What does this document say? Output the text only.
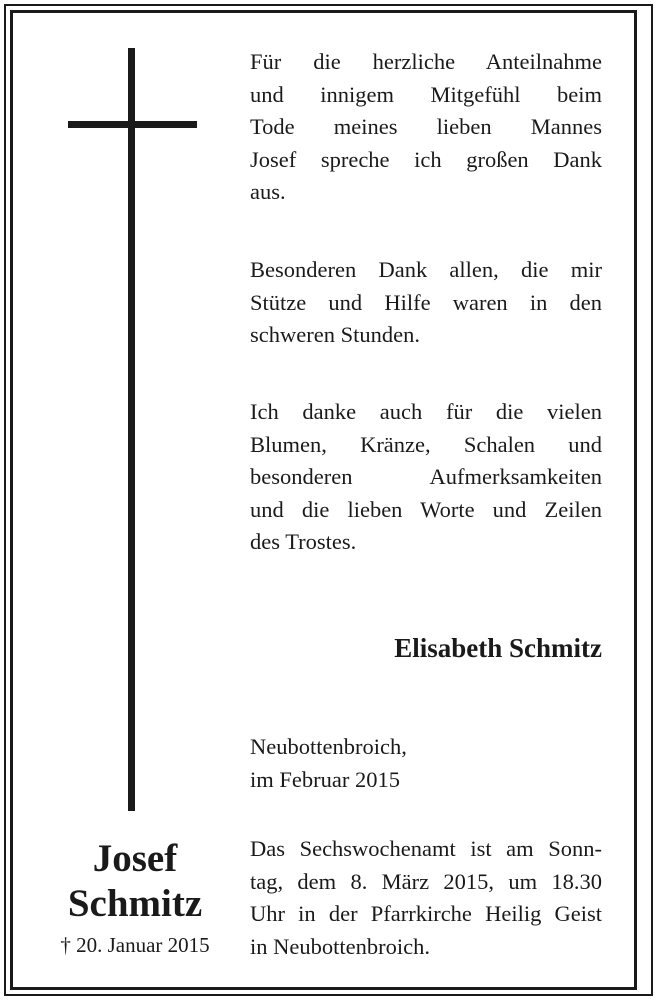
Für die herzliche Anteilnahme
und innigem Mitgefühl beim
Tode meines lieben Mannes
Josef spreche ich großen Dank
aus.
Besonderen Dank allen, die mir
Stütze und Hilfe waren in den
schweren Stunden.
Ich danke auch für die vielen
Blumen, Kränze, Schalen und
besonderen Aufmerksamkeiten
und die lieben Worte und Zeilen
des Trostes.
Elisabeth Schmitz
Neubottenbroich,
im Februar 2015
Das Sechswochenamt ist am Sonn-
tag, dem 8. März 2015, um 18.30
Uhr in der Pfarrkirche Heilig Geist
in Neubottenbroich.
Josef
Schmitz
† 20. Januar 2015
